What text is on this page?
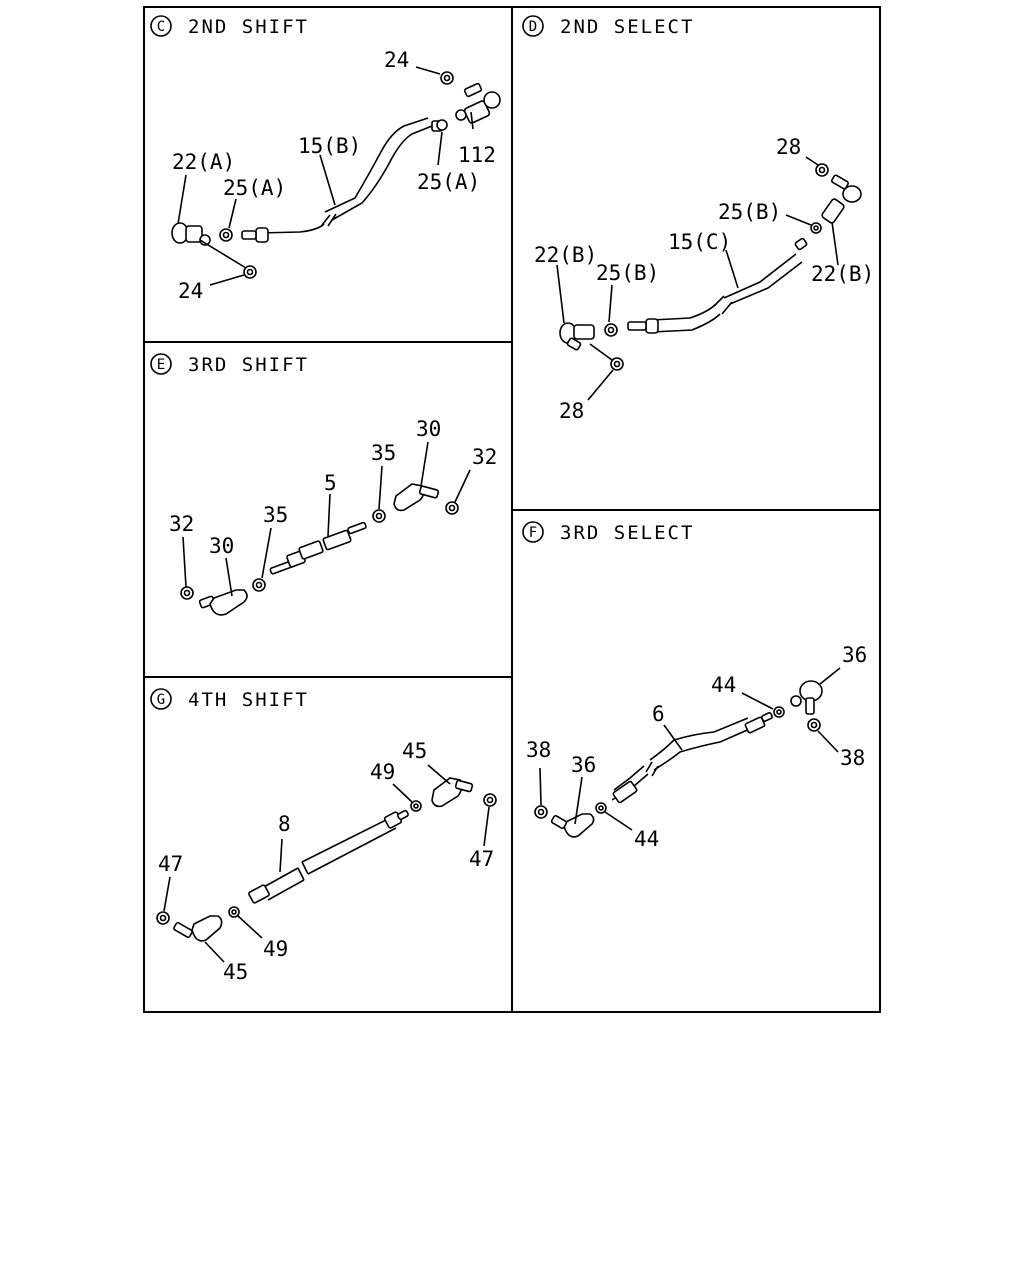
C 2ND SHIFT
24
112
15(B)
25(A)
22(A)
25(A)
24
D 2ND SELECT
28
25(B)
15(C)
22(B)
25(B)	22(B)
28
E 3RD SHIFT
30
35	32
5
32	35
30
F 3RD SELECT
36
44
6
38	38
36
44
G 4TH SHIFT
45
49
8
47	47
49
45
